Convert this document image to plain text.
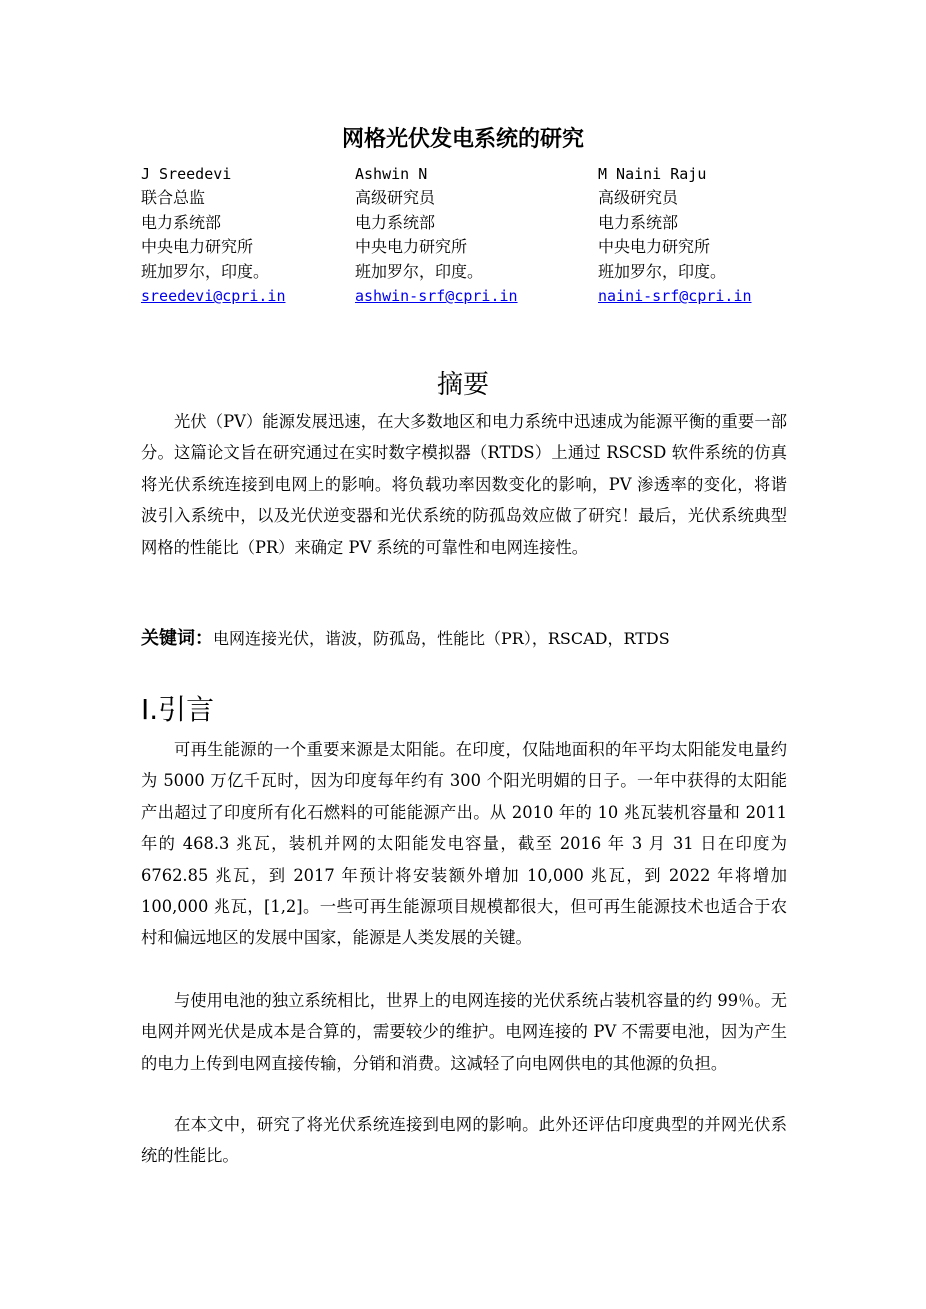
网格光伏发电系统的研究
J Sreedevi
联合总监
电力系统部
中央电力研究所
班加罗尔，印度。
sreedevi@cpri.in
Ashwin N
高级研究员
电力系统部
中央电力研究所
班加罗尔，印度。
ashwin-srf@cpri.in
M Naini Raju
高级研究员
电力系统部
中央电力研究所
班加罗尔，印度。
naini-srf@cpri.in
摘要

光伏（PV）能源发展迅速，在大多数地区和电力系统中迅速成为能源平衡的重要一部分。这篇论文旨在研究通过在实时数字模拟器（RTDS）上通过 RSCSD 软件系统的仿真将光伏系统连接到电网上的影响。将负载功率因数变化的影响，PV 渗透率的变化，将谐波引入系统中，以及光伏逆变器和光伏系统的防孤岛效应做了研究！最后，光伏系统典型网格的性能比（PR）来确定 PV 系统的可靠性和电网连接性。

关键词：电网连接光伏，谐波，防孤岛，性能比（PR），RSCAD，RTDS
I.引言

可再生能源的一个重要来源是太阳能。在印度，仅陆地面积的年平均太阳能发电量约为 5000 万亿千瓦时，因为印度每年约有 300 个阳光明媚的日子。一年中获得的太阳能产出超过了印度所有化石燃料的可能能源产出。从 2010 年的 10 兆瓦装机容量和 2011 年的 468.3 兆瓦，装机并网的太阳能发电容量，截至 2016 年 3 月 31 日在印度为 6762.85 兆瓦，到 2017 年预计将安装额外增加 10,000 兆瓦，到 2022 年将增加 100,000 兆瓦，[1,2]。一些可再生能源项目规模都很大，但可再生能源技术也适合于农村和偏远地区的发展中国家，能源是人类发展的关键。

与使用电池的独立系统相比，世界上的电网连接的光伏系统占装机容量的约 99％。无电网并网光伏是成本是合算的，需要较少的维护。电网连接的 PV 不需要电池，因为产生的电力上传到电网直接传输，分销和消费。这减轻了向电网供电的其他源的负担。

在本文中，研究了将光伏系统连接到电网的影响。此外还评估印度典型的并网光伏系统的性能比。
